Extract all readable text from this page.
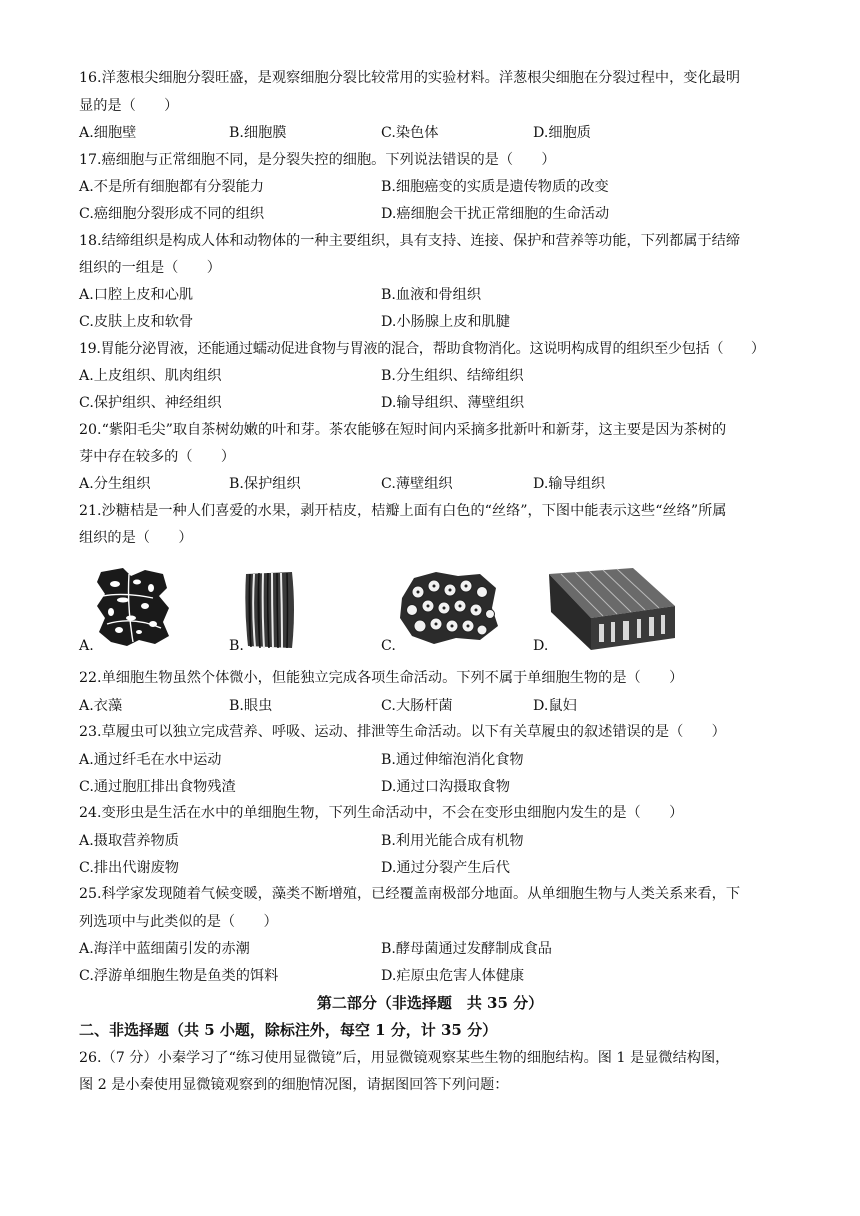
16.洋葱根尖细胞分裂旺盛，是观察细胞分裂比较常用的实验材料。洋葱根尖细胞在分裂过程中，变化最明
显的是（　　）
A.细胞壁	B.细胞膜	C.染色体	D.细胞质
17.癌细胞与正常细胞不同，是分裂失控的细胞。下列说法错误的是（　　）
A.不是所有细胞都有分裂能力	B.细胞癌变的实质是遗传物质的改变
C.癌细胞分裂形成不同的组织	D.癌细胞会干扰正常细胞的生命活动
18.结缔组织是构成人体和动物体的一种主要组织，具有支持、连接、保护和营养等功能，下列都属于结缔
组织的一组是（　　）
A.口腔上皮和心肌	B.血液和骨组织
C.皮肤上皮和软骨	D.小肠腺上皮和肌腱
19.胃能分泌胃液，还能通过蠕动促进食物与胃液的混合，帮助食物消化。这说明构成胃的组织至少包括（　　）
A.上皮组织、肌肉组织	B.分生组织、结缔组织
C.保护组织、神经组织	D.输导组织、薄壁组织
20.“紫阳毛尖”取自茶树幼嫩的叶和芽。茶农能够在短时间内采摘多批新叶和新芽，这主要是因为茶树的
芽中存在较多的（　　）
A.分生组织	B.保护组织	C.薄壁组织	D.输导组织
21.沙糖桔是一种人们喜爱的水果，剥开桔皮，桔瓣上面有白色的“丝络”，下图中能表示这些“丝络”所属
组织的是（　　）
A.	B.	C.	D.
22.单细胞生物虽然个体微小，但能独立完成各项生命活动。下列不属于单细胞生物的是（　　）
A.衣藻	B.眼虫	C.大肠杆菌	D.鼠妇
23.草履虫可以独立完成营养、呼吸、运动、排泄等生命活动。以下有关草履虫的叙述错误的是（　　）
A.通过纤毛在水中运动	B.通过伸缩泡消化食物
C.通过胞肛排出食物残渣	D.通过口沟摄取食物
24.变形虫是生活在水中的单细胞生物，下列生命活动中，不会在变形虫细胞内发生的是（　　）
A.摄取营养物质	B.利用光能合成有机物
C.排出代谢废物	D.通过分裂产生后代
25.科学家发现随着气候变暖，藻类不断增殖，已经覆盖南极部分地面。从单细胞生物与人类关系来看，下
列选项中与此类似的是（　　）
A.海洋中蓝细菌引发的赤潮	B.酵母菌通过发酵制成食品
C.浮游单细胞生物是鱼类的饵料	D.疟原虫危害人体健康
第二部分（非选择题　共 35 分）
二、非选择题（共 5 小题，除标注外，每空 1 分，计 35 分）
26.（7 分）小秦学习了“练习使用显微镜”后，用显微镜观察某些生物的细胞结构。图 1 是显微结构图，
图 2 是小秦使用显微镜观察到的细胞情况图，请据图回答下列问题：
